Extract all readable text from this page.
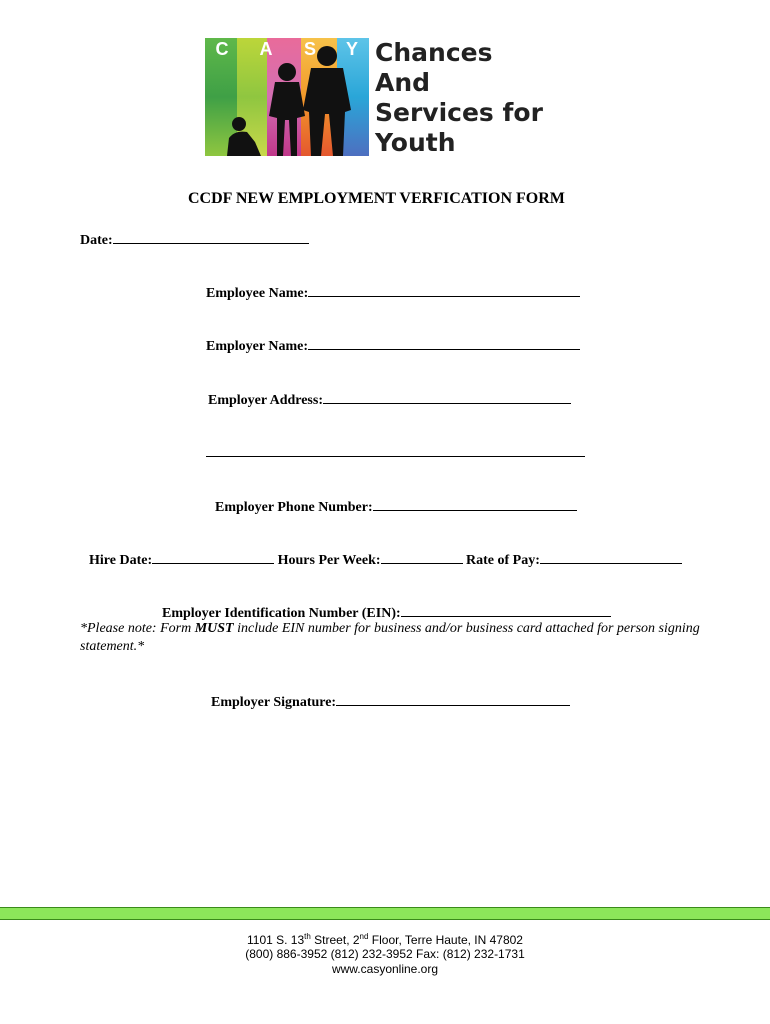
C	A	S	Y Chances
And
Services for
Youth
CCDF NEW EMPLOYMENT VERFICATION FORM
Date:
Employee Name:
Employer Name:
Employer Address:
Employer Phone Number:
Hire Date:	Hours Per Week:	Rate of Pay:
Employer Identification Number (EIN):
*Please note: Form MUST include EIN number for business and/or business card attached for person signing statement.*
Employer Signature:
1101 S. 13th Street, 2nd Floor, Terre Haute, IN 47802
(800) 886-3952 (812) 232-3952 Fax: (812) 232-1731
www.casyonline.org
